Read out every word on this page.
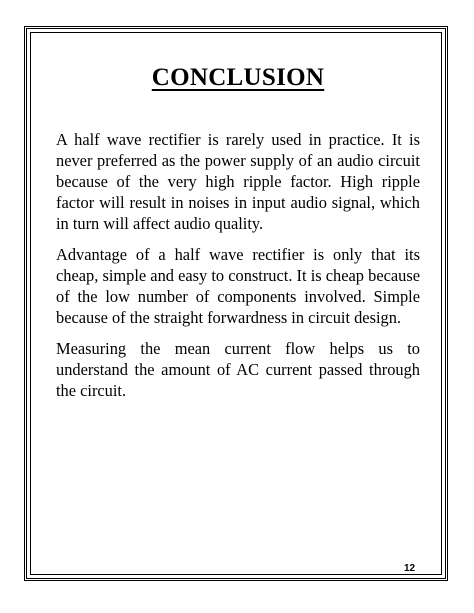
CONCLUSION

A half wave rectifier is rarely used in practice. It is never preferred as the power supply of an audio circuit because of the very high ripple factor. High ripple factor will result in noises in input audio signal, which in turn will affect audio quality.

Advantage of a half wave rectifier is only that its cheap, simple and easy to construct. It is cheap because of the low number of components involved. Simple because of the straight forwardness in circuit design.

Measuring the mean current flow helps us to understand the amount of AC current passed through the circuit.

12
